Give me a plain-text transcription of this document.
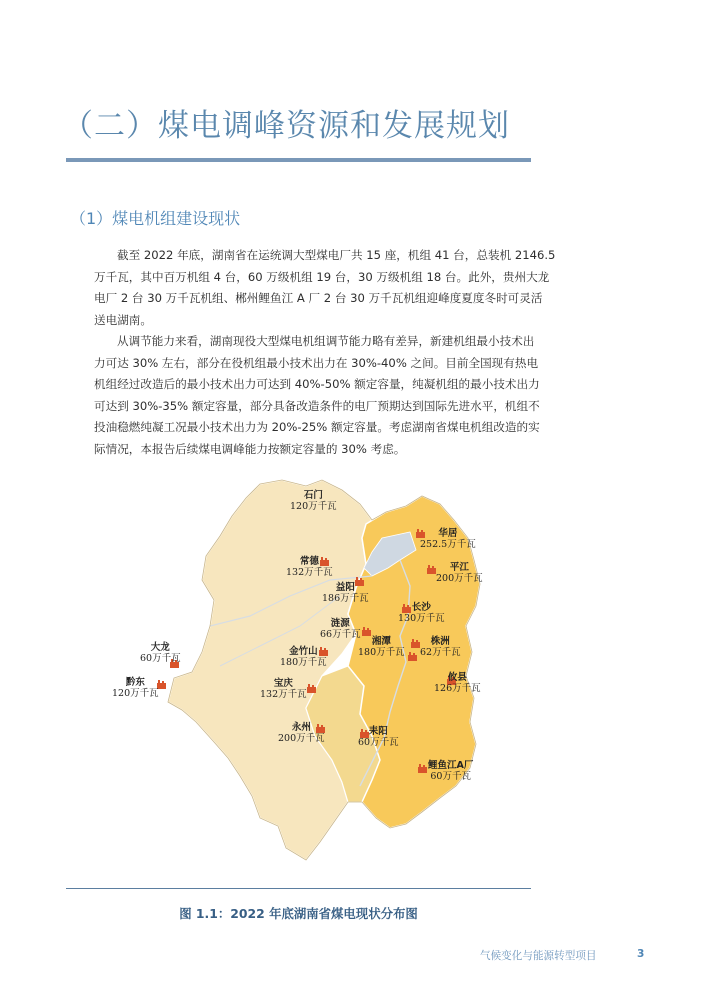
（二）煤电调峰资源和发展规划
（1）煤电机组建设现状
截至 2022 年底，湖南省在运统调大型煤电厂共 15 座，机组 41 台，总装机 2146.5
万千瓦，其中百万机组 4 台，60 万级机组 19 台，30 万级机组 18 台。此外，贵州大龙
电厂 2 台 30 万千瓦机组、郴州鲤鱼江 A 厂 2 台 30 万千瓦机组迎峰度夏度冬时可灵活
送电湖南。
从调节能力来看，湖南现役大型煤电机组调节能力略有差异，新建机组最小技术出
力可达 30% 左右，部分在役机组最小技术出力在 30%-40% 之间。目前全国现有热电
机组经过改造后的最小技术出力可达到 40%-50% 额定容量，纯凝机组的最小技术出力
可达到 30%-35% 额定容量，部分具备改造条件的电厂预期达到国际先进水平，机组不
投油稳燃纯凝工况最小技术出力为 20%-25% 额定容量。考虑湖南省煤电机组改造的实
际情况，本报告后续煤电调峰能力按额定容量的 30% 考虑。
石门
120万千瓦
华居
252.5万千瓦
平江
200万千瓦
常德
132万千瓦
益阳
186万千瓦
长沙
130万千瓦
涟源
66万千瓦
湘潭
180万千瓦
株洲
62万千瓦
金竹山
180万千瓦
大龙
60万千瓦
黔东
120万千瓦
攸县
126万千瓦
宝庆
132万千瓦
永州
200万千瓦
耒阳
60万千瓦
鲤鱼江A厂
60万千瓦
图 1.1：2022 年底湖南省煤电现状分布图
气候变化与能源转型项目	3
